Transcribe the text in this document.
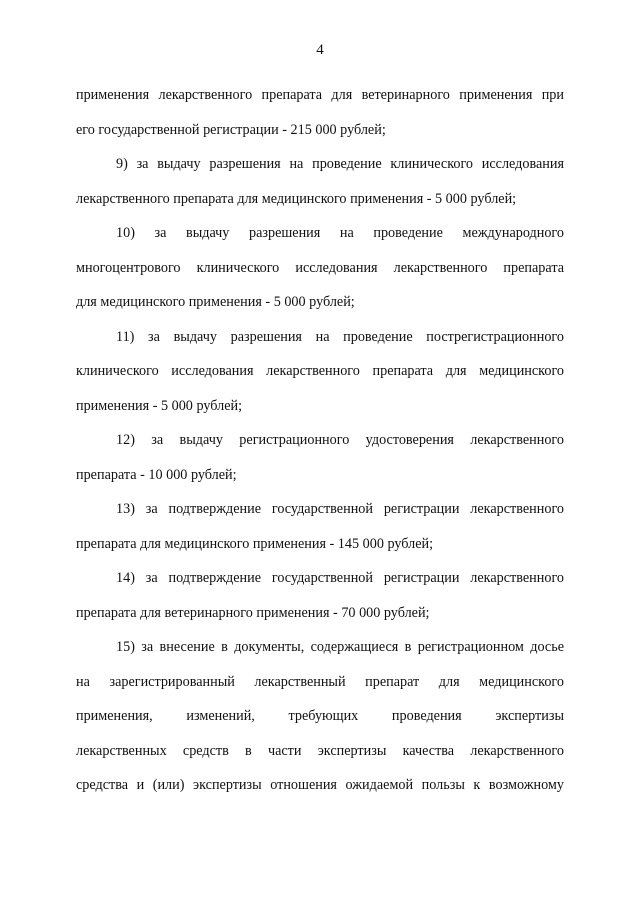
4
применения лекарственного препарата для ветеринарного применения при
его государственной регистрации - 215 000 рублей;
9) за выдачу разрешения на проведение клинического исследования
лекарственного препарата для медицинского применения - 5 000 рублей;
10) за выдачу разрешения на проведение международного
многоцентрового клинического исследования лекарственного препарата
для медицинского применения - 5 000 рублей;
11) за выдачу разрешения на проведение пострегистрационного
клинического исследования лекарственного препарата для медицинского
применения - 5 000 рублей;
12) за выдачу регистрационного удостоверения лекарственного
препарата - 10 000 рублей;
13) за подтверждение государственной регистрации лекарственного
препарата для медицинского применения - 145 000 рублей;
14) за подтверждение государственной регистрации лекарственного
препарата для ветеринарного применения - 70 000 рублей;
15) за внесение в документы, содержащиеся в регистрационном досье
на зарегистрированный лекарственный препарат для медицинского
применения, изменений, требующих проведения экспертизы
лекарственных средств в части экспертизы качества лекарственного
средства и (или) экспертизы отношения ожидаемой пользы к возможному
